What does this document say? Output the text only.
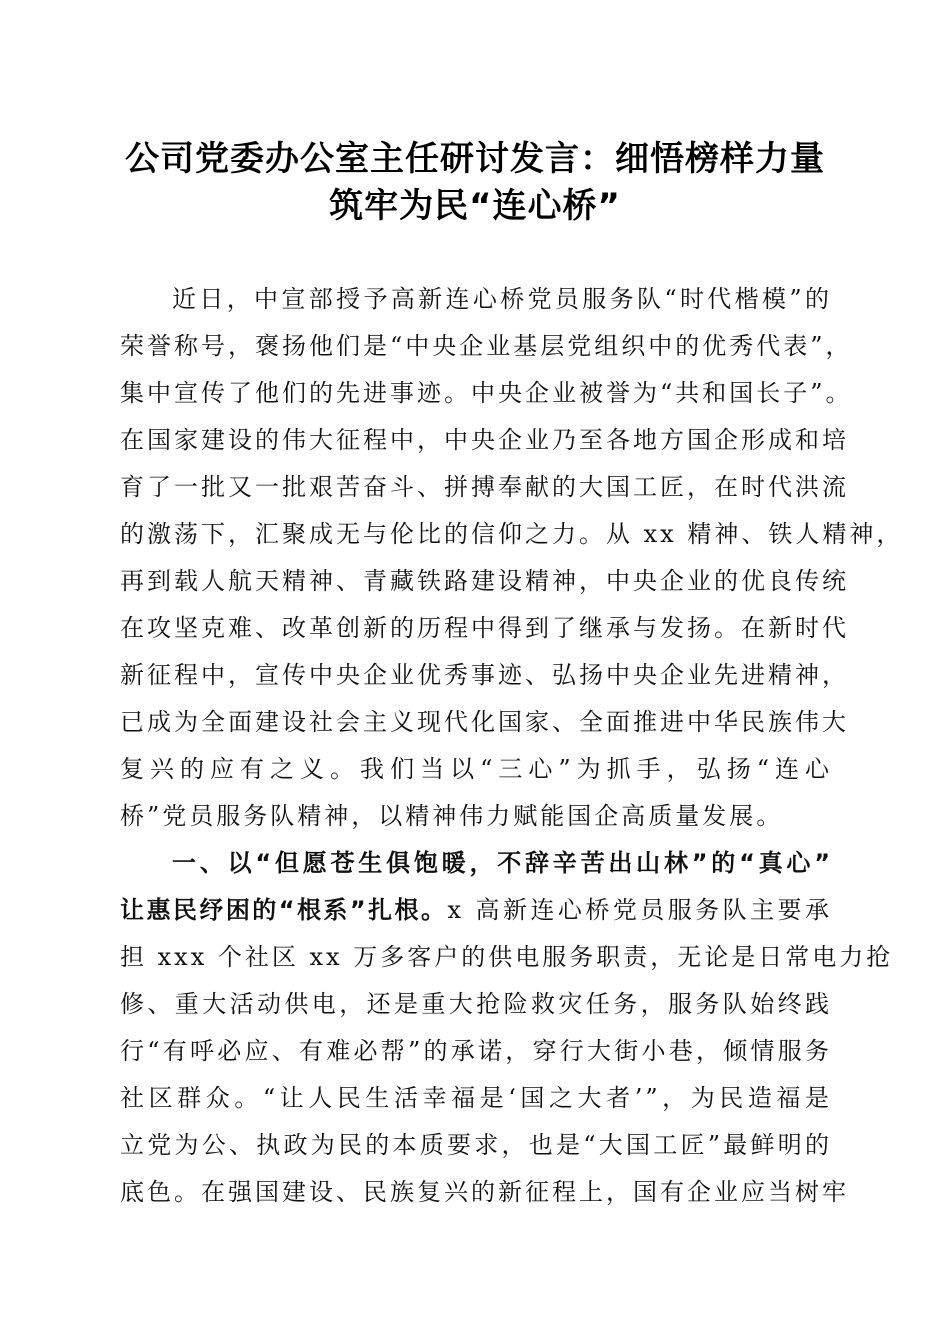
公司党委办公室主任研讨发言：细悟榜样力量
筑牢为民“连心桥”
近日，中宣部授予高新连心桥党员服务队“时代楷模”的
荣誉称号，褒扬他们是“中央企业基层党组织中的优秀代表”，
集中宣传了他们的先进事迹。中央企业被誉为“共和国长子”。
在国家建设的伟大征程中，中央企业乃至各地方国企形成和培
育了一批又一批艰苦奋斗、拼搏奉献的大国工匠，在时代洪流
的激荡下，汇聚成无与伦比的信仰之力。从 xx 精神、铁人精神，
再到载人航天精神、青藏铁路建设精神，中央企业的优良传统
在攻坚克难、改革创新的历程中得到了继承与发扬。在新时代
新征程中，宣传中央企业优秀事迹、弘扬中央企业先进精神，
已成为全面建设社会主义现代化国家、全面推进中华民族伟大
复兴的应有之义。我们当以“三心”为抓手，弘扬“连心
桥”党员服务队精神，以精神伟力赋能国企高质量发展。
一、以“但愿苍生俱饱暖，不辞辛苦出山林”的“真心”
让惠民纾困的“根系”扎根。x 高新连心桥党员服务队主要承
担 xxx 个社区 xx 万多客户的供电服务职责，无论是日常电力抢
修、重大活动供电，还是重大抢险救灾任务，服务队始终践
行“有呼必应、有难必帮”的承诺，穿行大街小巷，倾情服务
社区群众。“让人民生活幸福是‘国之大者’”，为民造福是
立党为公、执政为民的本质要求，也是“大国工匠”最鲜明的
底色。在强国建设、民族复兴的新征程上，国有企业应当树牢
